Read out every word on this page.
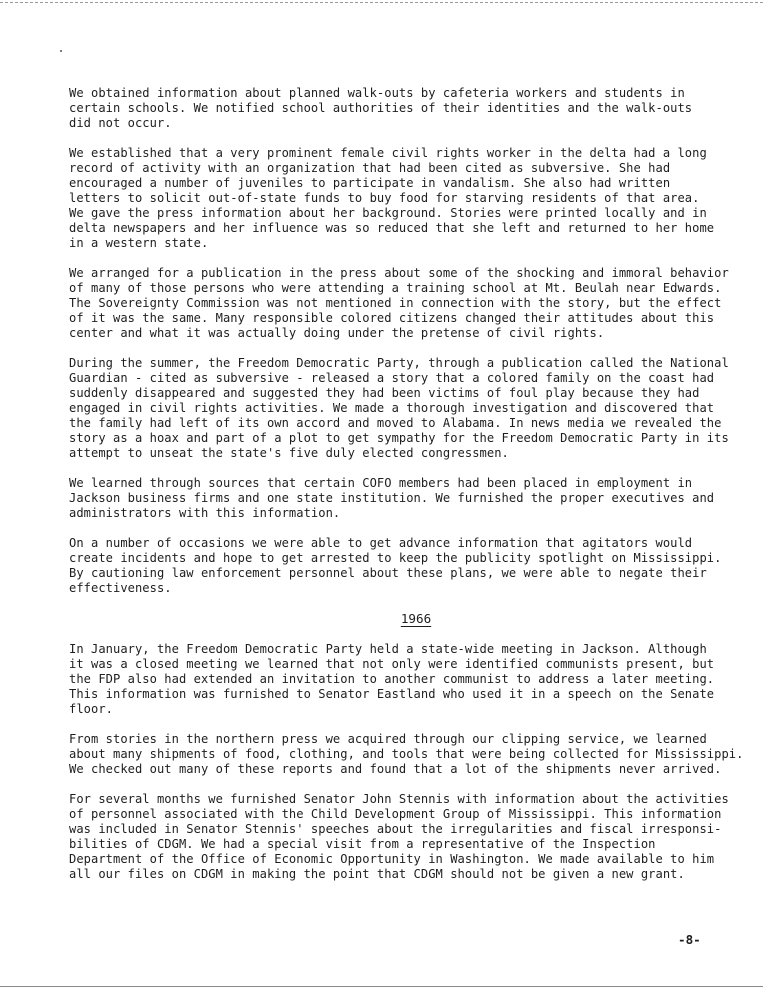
We obtained information about planned walk-outs by cafeteria workers and students in
certain schools. We notified school authorities of their identities and the walk-outs
did not occur.

We established that a very prominent female civil rights worker in the delta had a long
record of activity with an organization that had been cited as subversive. She had
encouraged a number of juveniles to participate in vandalism. She also had written
letters to solicit out-of-state funds to buy food for starving residents of that area.
We gave the press information about her background. Stories were printed locally and in
delta newspapers and her influence was so reduced that she left and returned to her home
in a western state.

We arranged for a publication in the press about some of the shocking and immoral behavior
of many of those persons who were attending a training school at Mt. Beulah near Edwards.
The Sovereignty Commission was not mentioned in connection with the story, but the effect
of it was the same. Many responsible colored citizens changed their attitudes about this
center and what it was actually doing under the pretense of civil rights.

During the summer, the Freedom Democratic Party, through a publication called the National
Guardian - cited as subversive - released a story that a colored family on the coast had
suddenly disappeared and suggested they had been victims of foul play because they had
engaged in civil rights activities. We made a thorough investigation and discovered that
the family had left of its own accord and moved to Alabama. In news media we revealed the
story as a hoax and part of a plot to get sympathy for the Freedom Democratic Party in its
attempt to unseat the state's five duly elected congressmen.

We learned through sources that certain COFO members had been placed in employment in
Jackson business firms and one state institution. We furnished the proper executives and
administrators with this information.

On a number of occasions we were able to get advance information that agitators would
create incidents and hope to get arrested to keep the publicity spotlight on Mississippi.
By cautioning law enforcement personnel about these plans, we were able to negate their
effectiveness.

1966

In January, the Freedom Democratic Party held a state-wide meeting in Jackson. Although
it was a closed meeting we learned that not only were identified communists present, but
the FDP also had extended an invitation to another communist to address a later meeting.
This information was furnished to Senator Eastland who used it in a speech on the Senate
floor.

From stories in the northern press we acquired through our clipping service, we learned
about many shipments of food, clothing, and tools that were being collected for Mississippi.
We checked out many of these reports and found that a lot of the shipments never arrived.

For several months we furnished Senator John Stennis with information about the activities
of personnel associated with the Child Development Group of Mississippi. This information
was included in Senator Stennis' speeches about the irregularities and fiscal irresponsi-
bilities of CDGM. We had a special visit from a representative of the Inspection
Department of the Office of Economic Opportunity in Washington. We made available to him
all our files on CDGM in making the point that CDGM should not be given a new grant.

-8-
